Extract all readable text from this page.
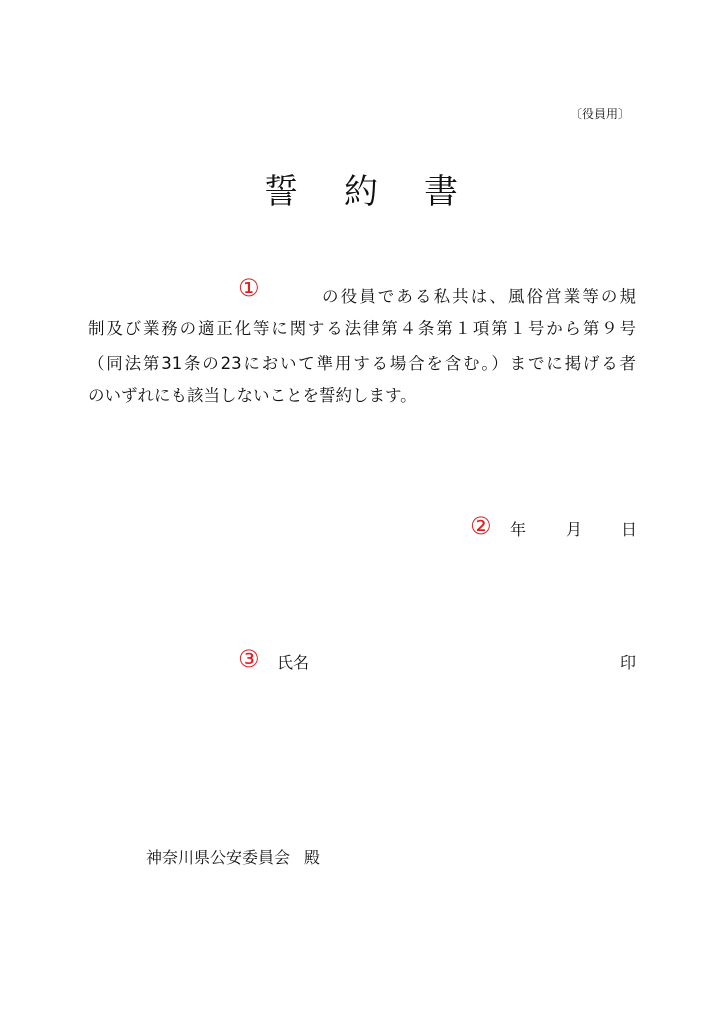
〔役員用〕
誓 約 書
①	の役員である私共は、風俗営業等の規
制及び業務の適正化等に関する法律第４条第１項第１号から第９号
（同法第31条の23において準用する場合を含む。）までに掲げる者
のいずれにも該当しないことを誓約します。
② 年 月 日
③ 氏名	印
神奈川県公安委員会 殿
